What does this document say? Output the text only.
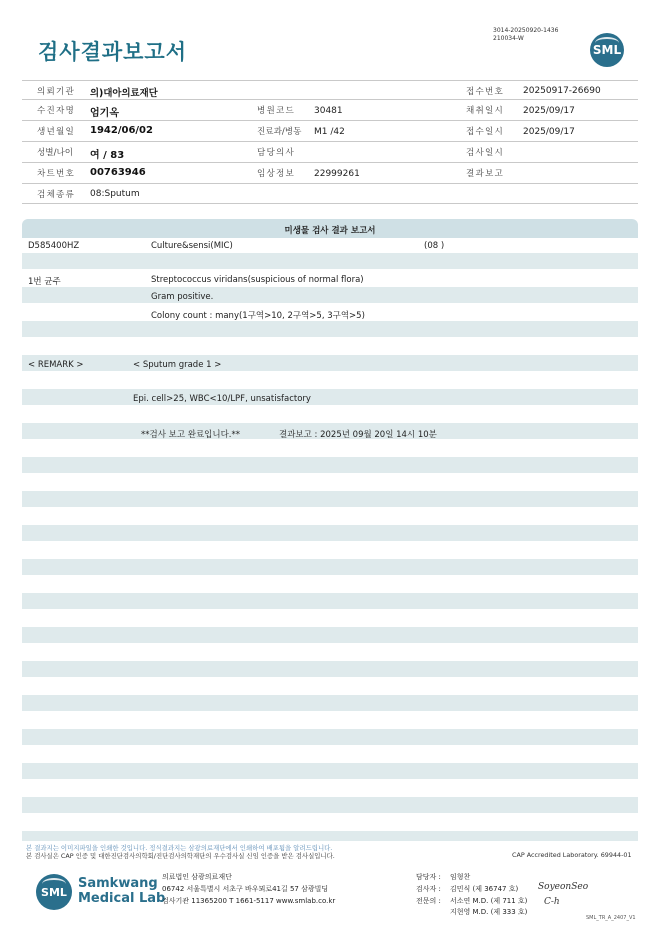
검사결과보고서
3014-20250920-1436
210034-W
SML
의뢰기관 의)대아의료재단	접수번호 20250917-26690
수진자명 엄기옥	병원코드 30481	채취일시 2025/09/17
생년월일 1942/06/02	진료과/병동 M1 /42	접수일시 2025/09/17
성별/나이 여 / 83	담당의사	검사일시
차트번호 00763946	임상정보 22999261	결과보고
검체종류 08:Sputum
미생물 검사 결과 보고서
D585400HZ	Culture&sensi(MIC)	(08 )
1번 균주	Streptococcus viridans(suspicious of normal flora)
Gram positive.
Colony count : many(1구역>10, 2구역>5, 3구역>5)
< REMARK >	< Sputum grade 1 >
Epi. cell>25, WBC<10/LPF, unsatisfactory
**검사 보고 완료입니다.**	결과보고 : 2025년 09월 20일 14시 10분
본 결과지는 이미지파일을 인쇄한 것입니다. 정식결과지는 삼광의료재단에서 인쇄하여 배포됨을 알려드립니다.
본 검사실은 CAP 인증 및 대한진단검사의학회/진단검사의학재단의 우수검사실 신임 인증을 받은 검사실입니다.	CAP Accredited Laboratory. 69944-01
SML
Samkwang
Medical Lab
의료법인 삼광의료재단
06742 서울특별시 서초구 바우뫼로41길 57 삼광빌딩
검사기관 11365200 T 1661-5117 www.smlab.co.kr
담당자 : 임형찬
검사자 : 김민식 (제 36747 호)
전문의 : 서소연 M.D. (제 711 호)
지현영 M.D. (제 333 호)
SoyeonSeo
C-h
SML_TR_A_2407_V1
